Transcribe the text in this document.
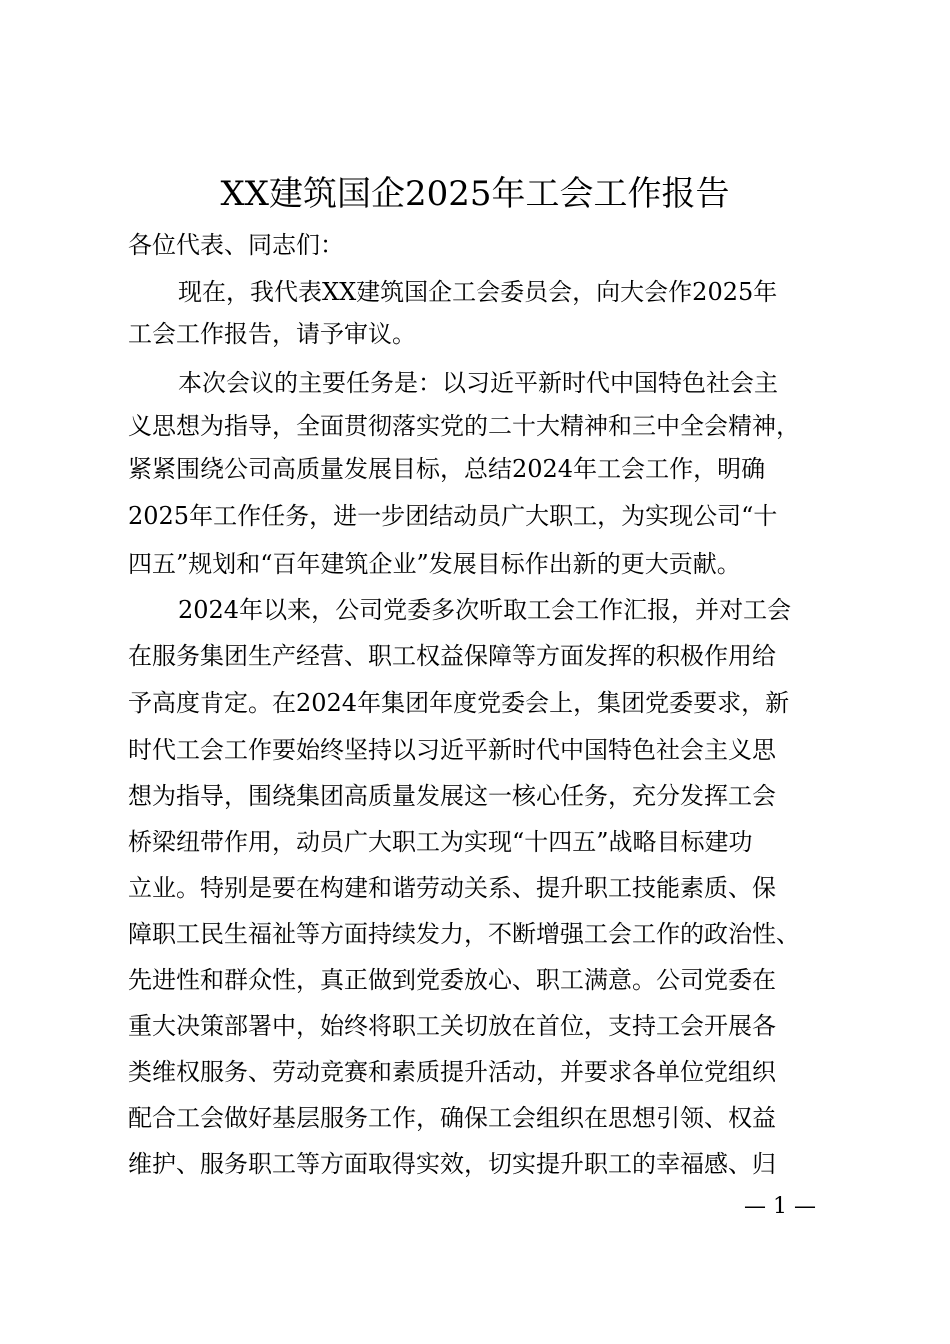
XX建筑国企2025年工会工作报告
各位代表、同志们：
现在，我代表XX建筑国企工会委员会，向大会作2025年
工会工作报告，请予审议。
本次会议的主要任务是：以习近平新时代中国特色社会主
义思想为指导，全面贯彻落实党的二十大精神和三中全会精神，
紧紧围绕公司高质量发展目标，总结2024年工会工作，明确
2025年工作任务，进一步团结动员广大职工，为实现公司“十
四五”规划和“百年建筑企业”发展目标作出新的更大贡献。
2024年以来，公司党委多次听取工会工作汇报，并对工会
在服务集团生产经营、职工权益保障等方面发挥的积极作用给
予高度肯定。在2024年集团年度党委会上，集团党委要求，新
时代工会工作要始终坚持以习近平新时代中国特色社会主义思
想为指导，围绕集团高质量发展这一核心任务，充分发挥工会
桥梁纽带作用，动员广大职工为实现“十四五”战略目标建功
立业。特别是要在构建和谐劳动关系、提升职工技能素质、保
障职工民生福祉等方面持续发力，不断增强工会工作的政治性、
先进性和群众性，真正做到党委放心、职工满意。公司党委在
重大决策部署中，始终将职工关切放在首位，支持工会开展各
类维权服务、劳动竞赛和素质提升活动，并要求各单位党组织
配合工会做好基层服务工作，确保工会组织在思想引领、权益
维护、服务职工等方面取得实效，切实提升职工的幸福感、归
— 1 —
